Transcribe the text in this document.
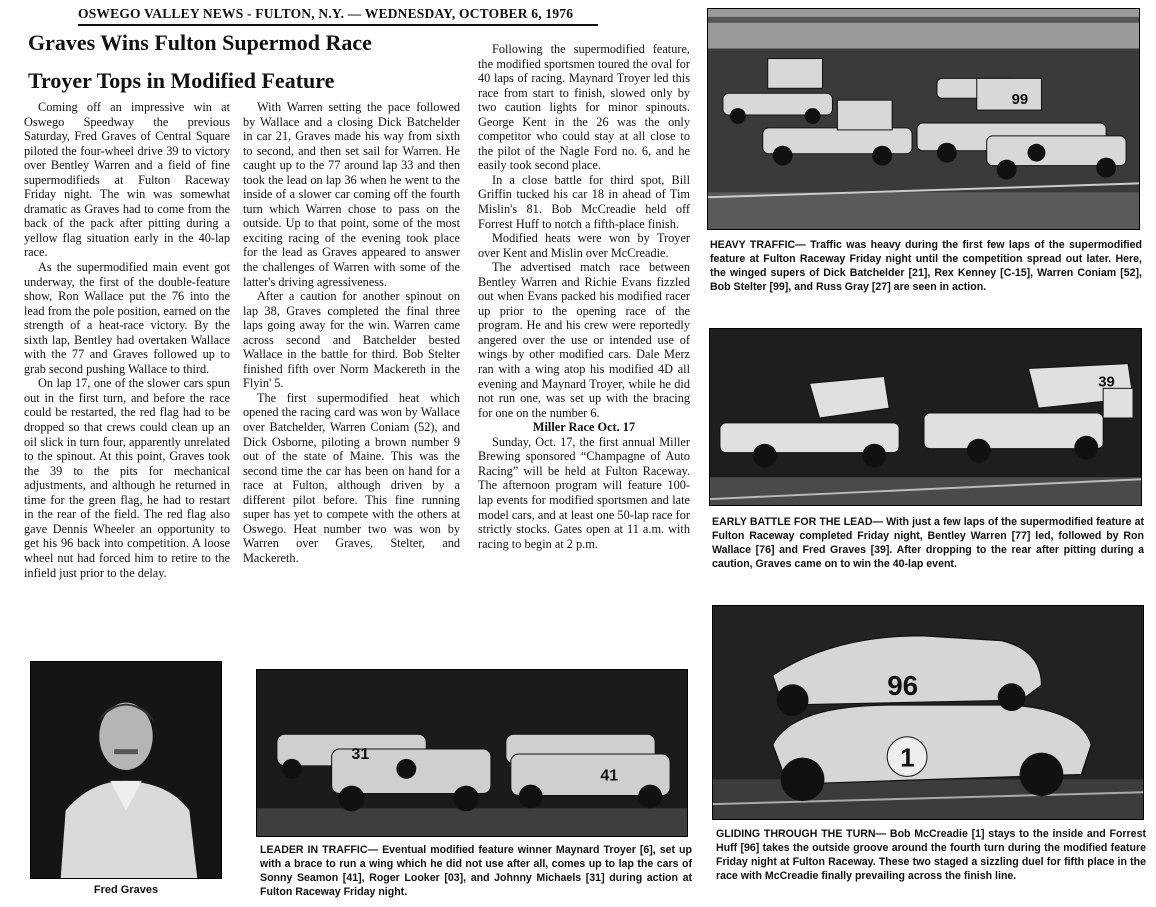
OSWEGO VALLEY NEWS - FULTON, N.Y. — WEDNESDAY, OCTOBER 6, 1976
Graves Wins Fulton Supermod Race
Troyer Tops in Modified Feature

Coming off an impressive win at Oswego Speedway the previous Saturday, Fred Graves of Central Square piloted the four-wheel drive 39 to victory over Bentley Warren and a field of fine supermodifieds at Fulton Raceway Friday night. The win was somewhat dramatic as Graves had to come from the back of the pack after pitting during a yellow flag situation early in the 40-lap race.

As the supermodified main event got underway, the first of the double-feature show, Ron Wallace put the 76 into the lead from the pole position, earned on the strength of a heat-race victory. By the sixth lap, Bentley had overtaken Wallace with the 77 and Graves followed up to grab second pushing Wallace to third.

On lap 17, one of the slower cars spun out in the first turn, and before the race could be restarted, the red flag had to be dropped so that crews could clean up an oil slick in turn four, apparently unrelated to the spinout. At this point, Graves took the 39 to the pits for mechanical adjustments, and although he returned in time for the green flag, he had to restart in the rear of the field. The red flag also gave Dennis Wheeler an opportunity to get his 96 back into competition. A loose wheel nut had forced him to retire to the infield just prior to the delay.

With Warren setting the pace followed by Wallace and a closing Dick Batchelder in car 21, Graves made his way from sixth to second, and then set sail for Warren. He caught up to the 77 around lap 33 and then took the lead on lap 36 when he went to the inside of a slower car coming off the fourth turn which Warren chose to pass on the outside. Up to that point, some of the most exciting racing of the evening took place for the lead as Graves appeared to answer the challenges of Warren with some of the latter's driving agressiveness.

After a caution for another spinout on lap 38, Graves completed the final three laps going away for the win. Warren came across second and Batchelder bested Wallace in the battle for third. Bob Stelter finished fifth over Norm Mackereth in the Flyin' 5.

The first supermodified heat which opened the racing card was won by Wallace over Batchelder, Warren Coniam (52), and Dick Osborne, piloting a brown number 9 out of the state of Maine. This was the second time the car has been on hand for a race at Fulton, although driven by a different pilot before. This fine running super has yet to compete with the others at Oswego. Heat number two was won by Warren over Graves, Stelter, and Mackereth.

Following the supermodified feature, the modified sportsmen toured the oval for 40 laps of racing. Maynard Troyer led this race from start to finish, slowed only by two caution lights for minor spinouts. George Kent in the 26 was the only competitor who could stay at all close to the pilot of the Nagle Ford no. 6, and he easily took second place.

In a close battle for third spot, Bill Griffin tucked his car 18 in ahead of Tim Mislin's 81. Bob McCreadie held off Forrest Huff to notch a fifth-place finish.

Modified heats were won by Troyer over Kent and Mislin over McCreadie.

The advertised match race between Bentley Warren and Richie Evans fizzled out when Evans packed his modified racer up prior to the opening race of the program. He and his crew were reportedly angered over the use or intended use of wings by other modified cars. Dale Merz ran with a wing atop his modified 4D all evening and Maynard Troyer, while he did not run one, was set up with the bracing for one on the number 6.

Miller Race Oct. 17

Sunday, Oct. 17, the first annual Miller Brewing sponsored “Champagne of Auto Racing” will be held at Fulton Raceway. The afternoon program will feature 100-lap events for modified sportsmen and late model cars, and at least one 50-lap race for strictly stocks. Gates open at 11 a.m. with racing to begin at 2 p.m.

99
HEAVY TRAFFIC— Traffic was heavy during the first few laps of the supermodified feature at Fulton Raceway Friday night until the competition spread out later. Here, the winged supers of Dick Batchelder [21], Rex Kenney [C-15], Warren Coniam [52], Bob Stelter [99], and Russ Gray [27] are seen in action.
39
EARLY BATTLE FOR THE LEAD— With just a few laps of the supermodified feature at Fulton Raceway completed Friday night, Bentley Warren [77] led, followed by Ron Wallace [76] and Fred Graves [39]. After dropping to the rear after pitting during a caution, Graves came on to win the 40-lap event.
96
1
GLIDING THROUGH THE TURN— Bob McCreadie [1] stays to the inside and Forrest Huff [96] takes the outside groove around the fourth turn during the modified feature Friday night at Fulton Raceway. These two staged a sizzling duel for fifth place in the race with McCreadie finally prevailing across the finish line.
31
41
LEADER IN TRAFFIC— Eventual modified feature winner Maynard Troyer [6], set up with a brace to run a wing which he did not use after all, comes up to lap the cars of Sonny Seamon [41], Roger Looker [03], and Johnny Michaels [31] during action at Fulton Raceway Friday night.
Fred Graves
